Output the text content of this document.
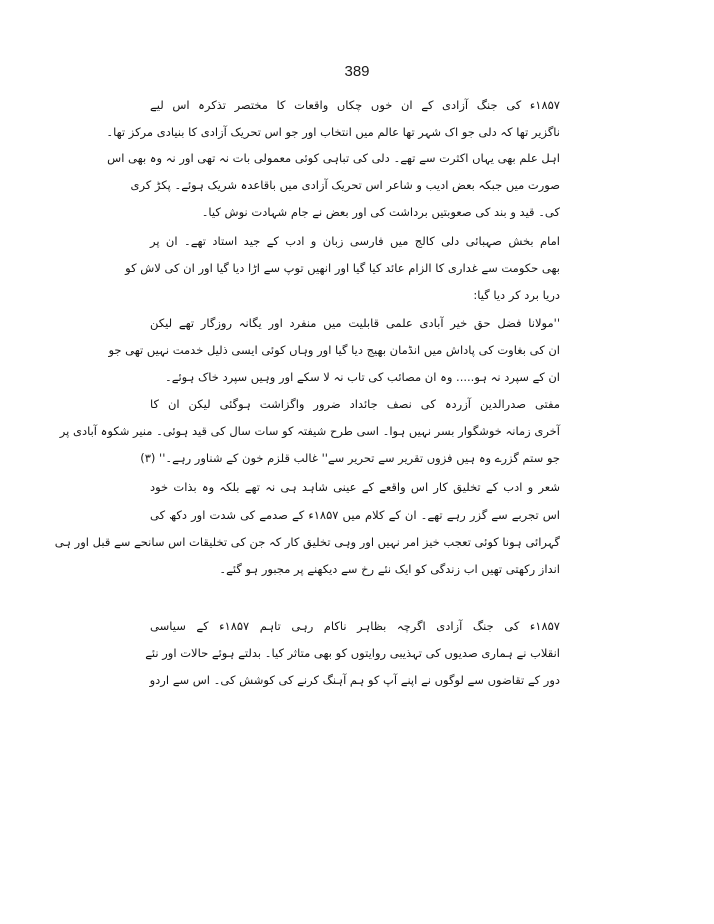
389
۱۸۵۷ء کی جنگ آزادی کے ان خوں چکاں واقعات کا مختصر تذکرہ اس لیے
ناگزیر تھا کہ دلی جو اک شہر تھا عالم میں انتخاب اور جو اس تحریک آزادی کا بنیادی مرکز تھا۔
اہل علم بھی یہاں اکثرت سے تھے۔ دلی کی تباہی کوئی معمولی بات نہ تھی اور نہ وہ بھی اس
صورت میں جبکہ بعض ادیب و شاعر اس تحریک آزادی میں باقاعدہ شریک ہوئے۔ پکڑ کری
کی۔ قید و بند کی صعوبتیں برداشت کی اور بعض نے جام شہادت نوش کیا۔
امام بخش صہبائی دلی کالج میں فارسی زبان و ادب کے جید استاد تھے۔ ان پر
بھی حکومت سے غداری کا الزام عائد کیا گیا اور انھیں توپ سے اڑا دیا گیا اور ان کی لاش کو
دریا برد کر دیا گیا:
''مولانا فضل حق خیر آبادی علمی قابلیت میں منفرد اور یگانہ روزگار تھے لیکن
ان کی بغاوت کی پاداش میں انڈمان بھیج دیا گیا اور وہاں کوئی ایسی ذلیل خدمت نہیں تھی جو
ان کے سپرد نہ ہو..... وہ ان مصائب کی تاب نہ لا سکے اور وہیں سپرد خاک ہوئے۔
مفتی صدرالدین آزردہ کی نصف جائداد ضرور واگزاشت ہوگئی لیکن ان کا
آخری زمانہ خوشگوار بسر نہیں ہوا۔ اسی طرح شیفتہ کو سات سال کی قید ہوئی۔ منیر شکوہ آبادی پر
جو ستم گزرے وہ ہیں فزوں تقریر سے تحریر سے'' غالب قلزم خون کے شناور رہے۔'' (۳)
شعر و ادب کے تخلیق کار اس واقعے کے عینی شاہد ہی نہ تھے بلکہ وہ بذات خود
اس تجربے سے گزر رہے تھے۔ ان کے کلام میں ۱۸۵۷ء کے صدمے کی شدت اور دکھ کی
گہرائی ہونا کوئی تعجب خیز امر نہیں اور وہی تخلیق کار کہ جن کی تخلیقات اس سانحے سے قبل اور ہی
انداز رکھتی تھیں اب زندگی کو ایک نئے رخ سے دیکھنے پر مجبور ہو گئے۔
۱۸۵۷ء کی جنگ آزادی اگرچہ بظاہر ناکام رہی تاہم ۱۸۵۷ء کے سیاسی
انقلاب نے ہماری صدیوں کی تہذیبی روایتوں کو بھی متاثر کیا۔ بدلتے ہوئے حالات اور نئے
دور کے تقاضوں سے لوگوں نے اپنے آپ کو ہم آہنگ کرنے کی کوشش کی۔ اس سے اردو
